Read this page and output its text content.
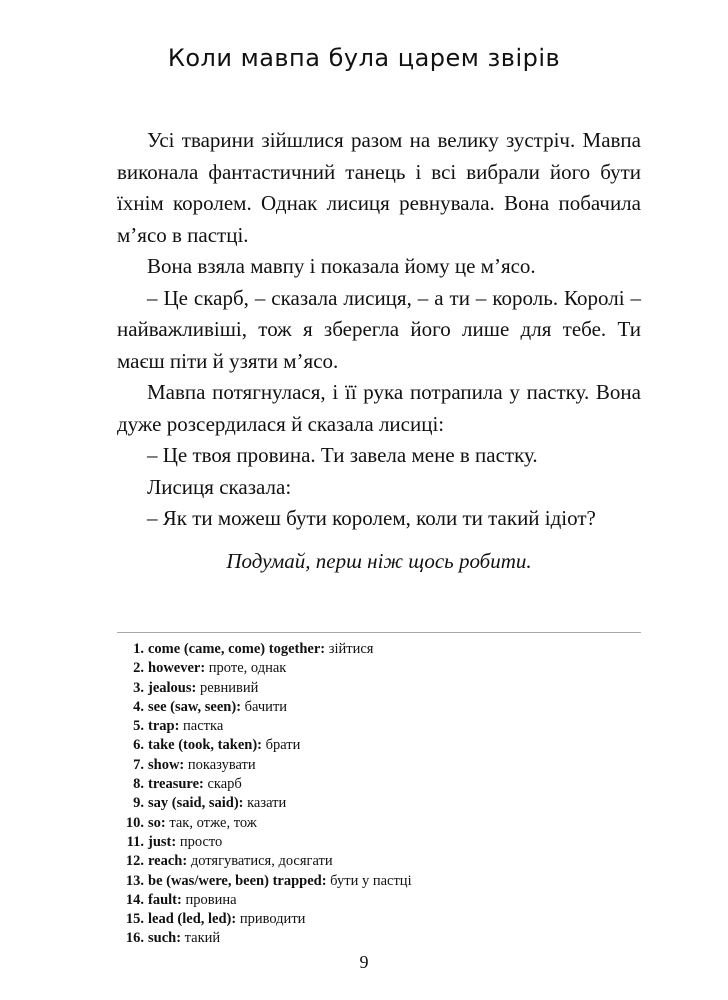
Коли мавпа була царем звірів

Усі тварини зійшлися разом на велику зустріч. Мавпа виконала фантастичний танець і всі вибрали його бути їхнім королем. Однак лисиця ревнувала. Вона побачила м’ясо в пастці.

Вона взяла мавпу і показала йому це м’ясо.

– Це скарб, – сказала лисиця, – а ти – король. Королі – найважливіші, тож я зберегла його лише для тебе. Ти маєш піти й узяти м’ясо.

Мавпа потягнулася, і її рука потрапила у пастку. Вона дуже розсердилася й сказала лисиці:

– Це твоя провина. Ти завела мене в пастку.

Лисиця сказала:

– Як ти можеш бути королем, коли ти такий ідіот?

Подумай, перш ніж щось робити.
1. come (came, come) together: зійтися
2. however: проте, однак
3. jealous: ревнивий
4. see (saw, seen): бачити
5. trap: пастка
6. take (took, taken): брати
7. show: показувати
8. treasure: скарб
9. say (said, said): казати
10. so: так, отже, тож
11. just: просто
12. reach: дотягуватися, досягати
13. be (was/were, been) trapped: бути у пастці
14. fault: провина
15. lead (led, led): приводити
16. such: такий
9
